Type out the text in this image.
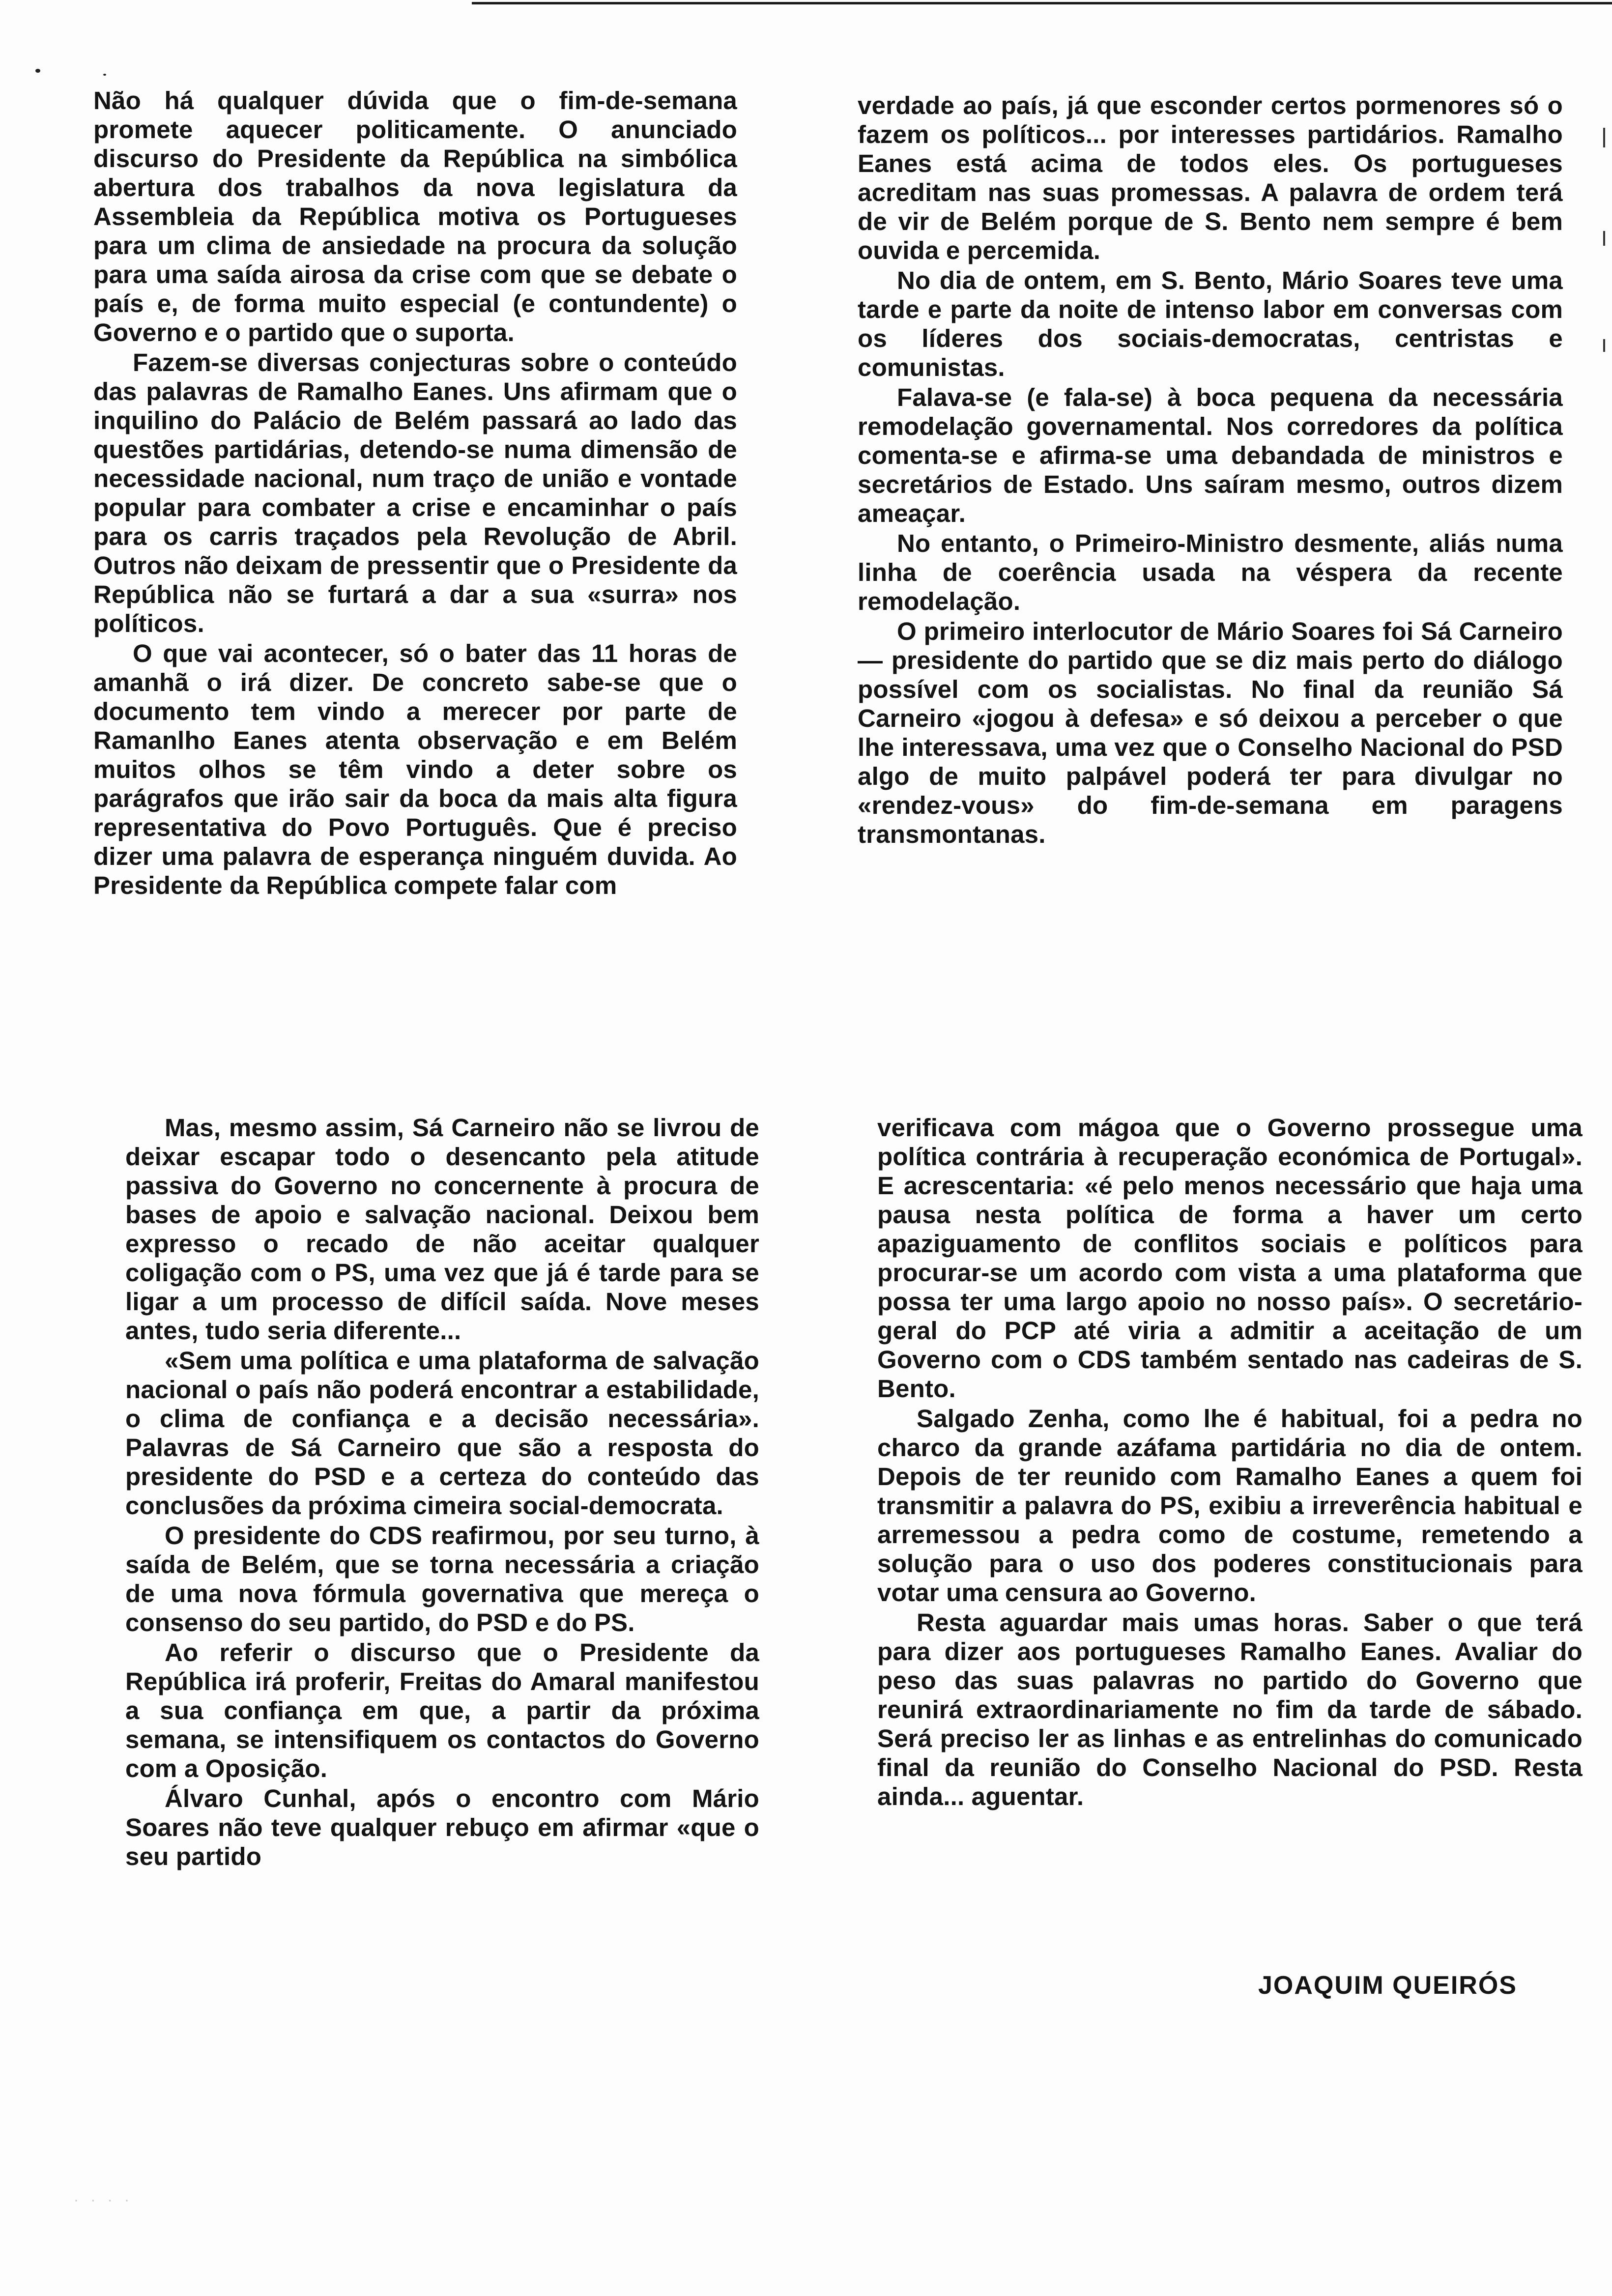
Não há qualquer dúvida que o fim-de-semana promete aquecer politicamente. O anunciado discurso do Presidente da República na simbólica abertura dos trabalhos da nova legislatura da Assembleia da República motiva os Portugueses para um clima de ansiedade na procura da solução para uma saída airosa da crise com que se debate o país e, de forma muito especial (e contundente) o Governo e o partido que o suporta.

Fazem-se diversas conjecturas sobre o conteúdo das palavras de Ramalho Eanes. Uns afirmam que o inquilino do Palácio de Belém passará ao lado das questões partidárias, detendo-se numa dimensão de necessidade nacional, num traço de união e vontade popular para combater a crise e encaminhar o país para os carris traçados pela Revolução de Abril. Outros não deixam de pressentir que o Presidente da República não se furtará a dar a sua «surra» nos políticos.

O que vai acontecer, só o bater das 11 horas de amanhã o irá dizer. De concreto sabe-se que o documento tem vindo a merecer por parte de Ramanlho Eanes atenta observação e em Belém muitos olhos se têm vindo a deter sobre os parágrafos que irão sair da boca da mais alta figura representativa do Povo Português. Que é preciso dizer uma palavra de esperança ninguém duvida. Ao Presidente da República compete falar com

verdade ao país, já que esconder certos pormenores só o fazem os políticos... por interesses partidários. Ramalho Eanes está acima de todos eles. Os portugueses acreditam nas suas promessas. A palavra de ordem terá de vir de Belém porque de S. Bento nem sempre é bem ouvida e percemida.

No dia de ontem, em S. Bento, Mário Soares teve uma tarde e parte da noite de intenso labor em conversas com os líderes dos sociais-democratas, centristas e comunistas.

Falava-se (e fala-se) à boca pequena da necessária remodelação governamental. Nos corredores da política comenta-se e afirma-se uma debandada de ministros e secretários de Estado. Uns saíram mesmo, outros dizem ameaçar.

No entanto, o Primeiro-Ministro desmente, aliás numa linha de coerência usada na véspera da recente remodelação.

O primeiro interlocutor de Mário Soares foi Sá Carneiro — presidente do partido que se diz mais perto do diálogo possível com os socialistas. No final da reunião Sá Carneiro «jogou à defesa» e só deixou a perceber o que lhe interessava, uma vez que o Conselho Nacional do PSD algo de muito palpável poderá ter para divulgar no «rendez-vous» do fim-de-semana em paragens transmontanas.

Mas, mesmo assim, Sá Carneiro não se livrou de deixar escapar todo o desencanto pela atitude passiva do Governo no concernente à procura de bases de apoio e salvação nacional. Deixou bem expresso o recado de não aceitar qualquer coligação com o PS, uma vez que já é tarde para se ligar a um processo de difícil saída. Nove meses antes, tudo seria diferente...

«Sem uma política e uma plataforma de salvação nacional o país não poderá encontrar a estabilidade, o clima de confiança e a decisão necessária». Palavras de Sá Carneiro que são a resposta do presidente do PSD e a certeza do conteúdo das conclusões da próxima cimeira social-democrata.

O presidente do CDS reafirmou, por seu turno, à saída de Belém, que se torna necessária a criação de uma nova fórmula governativa que mereça o consenso do seu partido, do PSD e do PS.

Ao referir o discurso que o Presidente da República irá proferir, Freitas do Amaral manifestou a sua confiança em que, a partir da próxima semana, se intensifiquem os contactos do Governo com a Oposição.

Álvaro Cunhal, após o encontro com Mário Soares não teve qualquer rebuço em afirmar «que o seu partido

verificava com mágoa que o Governo prossegue uma política contrária à recuperação económica de Portugal». E acrescentaria: «é pelo menos necessário que haja uma pausa nesta política de forma a haver um certo apaziguamento de conflitos sociais e políticos para procurar-se um acordo com vista a uma plataforma que possa ter uma largo apoio no nosso país». O secretário-geral do PCP até viria a admitir a aceitação de um Governo com o CDS também sentado nas cadeiras de S. Bento.

Salgado Zenha, como lhe é habitual, foi a pedra no charco da grande azáfama partidária no dia de ontem. Depois de ter reunido com Ramalho Eanes a quem foi transmitir a palavra do PS, exibiu a irreverência habitual e arremessou a pedra como de costume, remetendo a solução para o uso dos poderes constitucionais para votar uma censura ao Governo.

Resta aguardar mais umas horas. Saber o que terá para dizer aos portugueses Ramalho Eanes. Avaliar do peso das suas palavras no partido do Governo que reunirá extraordinariamente no fim da tarde de sábado. Será preciso ler as linhas e as entrelinhas do comunicado final da reunião do Conselho Nacional do PSD. Resta ainda... aguentar.

JOAQUIM QUEIRÓS
· · · ·
